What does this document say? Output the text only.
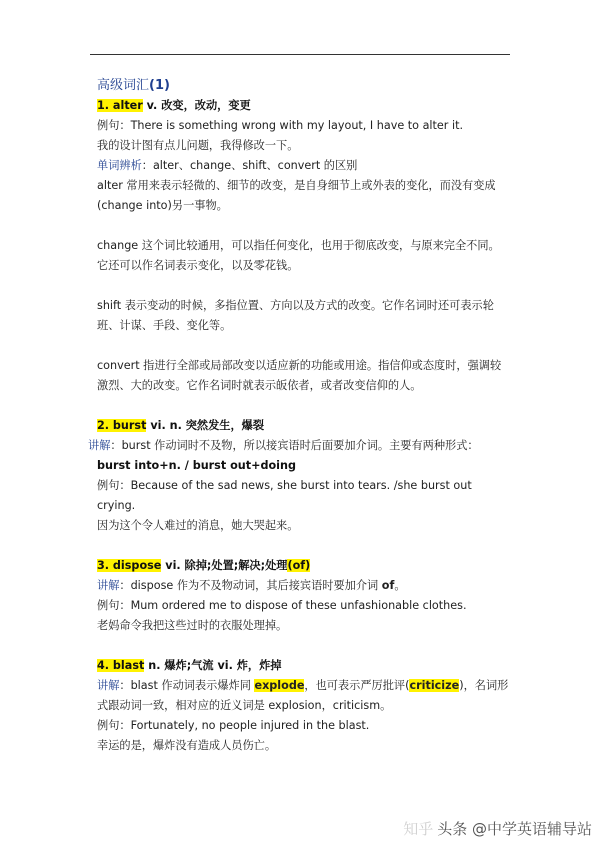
高级词汇(1)
1. alter v. 改变，改动，变更
例句：There is something wrong with my layout, I have to alter it.
我的设计图有点儿问题，我得修改一下。
单词辨析：alter、change、shift、convert 的区别
alter 常用来表示轻微的、细节的改变，是自身细节上或外表的变化，而没有变成(change into)另一事物。
change 这个词比较通用，可以指任何变化，也用于彻底改变，与原来完全不同。它还可以作名词表示变化，以及零花钱。
shift 表示变动的时候，多指位置、方向以及方式的改变。它作名词时还可表示轮班、计谋、手段、变化等。
convert 指进行全部或局部改变以适应新的功能或用途。指信仰或态度时，强调较激烈、大的改变。它作名词时就表示皈依者，或者改变信仰的人。
2. burst vi. n. 突然发生，爆裂
讲解：burst 作动词时不及物，所以接宾语时后面要加介词。主要有两种形式：
burst into+n. / burst out+doing
例句：Because of the sad news, she burst into tears. /she burst out crying.
因为这个令人难过的消息，她大哭起来。
3. dispose vi. 除掉;处置;解决;处理(of)
讲解：dispose 作为不及物动词，其后接宾语时要加介词 of。
例句：Mum ordered me to dispose of these unfashionable clothes.
老妈命令我把这些过时的衣服处理掉。
4. blast n. 爆炸;气流 vi. 炸，炸掉
讲解：blast 作动词表示爆炸同 explode，也可表示严厉批评(criticize)，名词形式跟动词一致，相对应的近义词是 explosion，criticism。
例句：Fortunately, no people injured in the blast.
幸运的是，爆炸没有造成人员伤亡。
知乎 头条 @中学英语辅导站
